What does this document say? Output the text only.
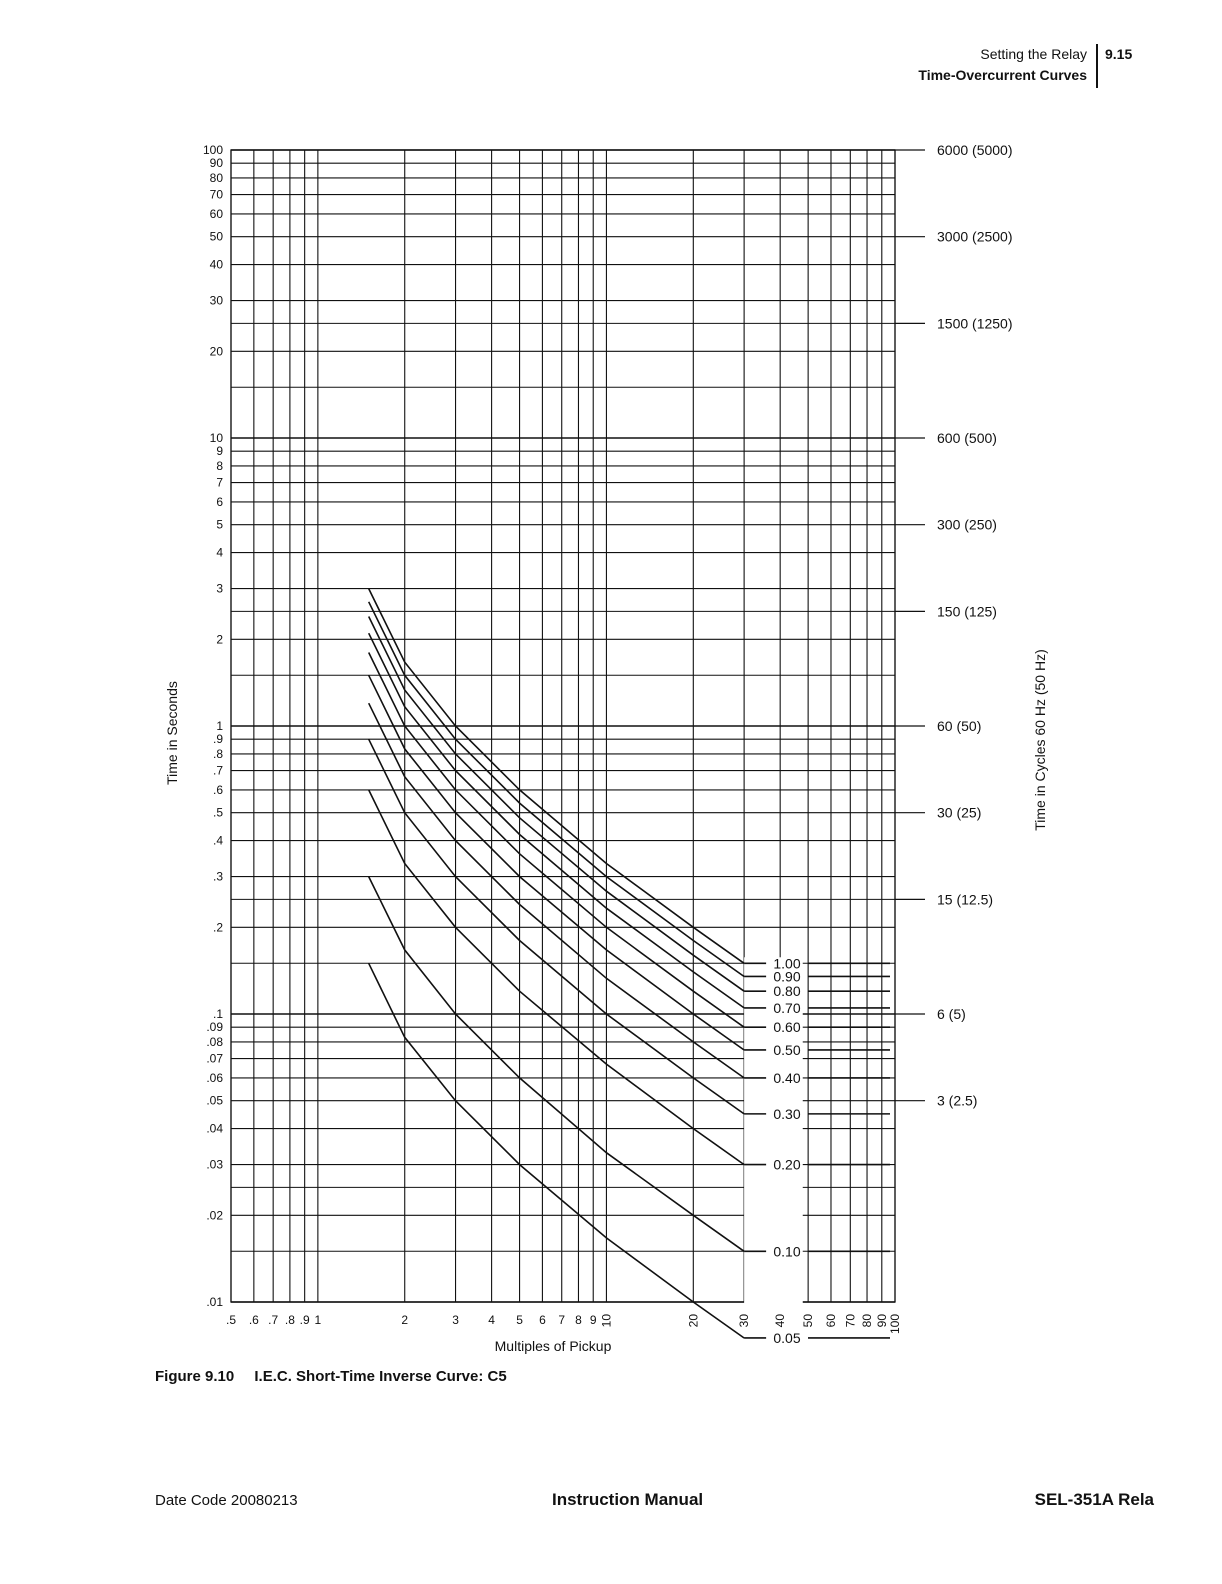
Setting the Relay
Time-Overcurrent Curves
9.15
1.00
0.90
0.80
0.70
0.60
0.50
0.40
0.30
0.20
0.10
0.05
6000 (5000)
3000 (2500)
1500 (1250)
600 (500)
300 (250)
150 (125)
60 (50)
30 (25)
15 (12.5)
6 (5)
3 (2.5)
.5 .6 .7 .8 .9 1	2	3 4 5 6 7 8 9 10	20	30 40 50 60 70 80 90 100
.01
.02
.03
.04
.05
.06
.07
.08
.09
.1
.2
.3
.4
.5
.6
.7
.8
.9
1
2
3
4
5
6
7
8
9
10
20
30
40
50
60
70
80
90
100
Time in Seconds	Time in Cycles 60 Hz (50 Hz)
Multiples of Pickup
Figure 9.10 I.E.C. Short-Time Inverse Curve: C5
Date Code 20080213	Instruction Manual	SEL-351A Rela
